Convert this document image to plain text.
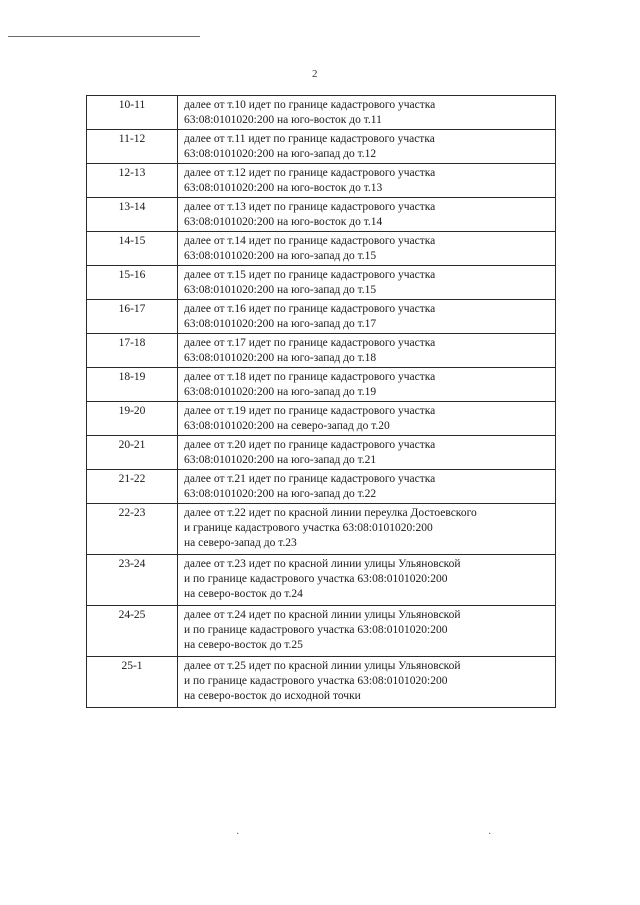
2
10-11	далее от т.10 идет по границе кадастрового участка
63:08:0101020:200 на юго-восток до т.11

11-12	далее от т.11 идет по границе кадастрового участка
63:08:0101020:200 на юго-запад до т.12

12-13	далее от т.12 идет по границе кадастрового участка
63:08:0101020:200 на юго-восток до т.13

13-14	далее от т.13 идет по границе кадастрового участка
63:08:0101020:200 на юго-восток до т.14

14-15	далее от т.14 идет по границе кадастрового участка
63:08:0101020:200 на юго-запад до т.15

15-16	далее от т.15 идет по границе кадастрового участка
63:08:0101020:200 на юго-запад до т.15

16-17	далее от т.16 идет по границе кадастрового участка
63:08:0101020:200 на юго-запад до т.17

17-18	далее от т.17 идет по границе кадастрового участка
63:08:0101020:200 на юго-запад до т.18

18-19	далее от т.18 идет по границе кадастрового участка
63:08:0101020:200 на юго-запад до т.19

19-20	далее от т.19 идет по границе кадастрового участка
63:08:0101020:200 на северо-запад до т.20

20-21	далее от т.20 идет по границе кадастрового участка
63:08:0101020:200 на юго-запад до т.21

21-22	далее от т.21 идет по границе кадастрового участка
63:08:0101020:200 на юго-запад до т.22

22-23	далее от т.22 идет по красной линии переулка Достоевского
и границе кадастрового участка 63:08:0101020:200
на северо-запад до т.23

23-24	далее от т.23 идет по красной линии улицы Ульяновской
и по границе кадастрового участка 63:08:0101020:200
на северо-восток до т.24

24-25	далее от т.24 идет по красной линии улицы Ульяновской
и по границе кадастрового участка 63:08:0101020:200
на северо-восток до т.25

25-1	далее от т.25 идет по красной линии улицы Ульяновской
и по границе кадастрового участка 63:08:0101020:200
на северо-восток до исходной точки
·	·
